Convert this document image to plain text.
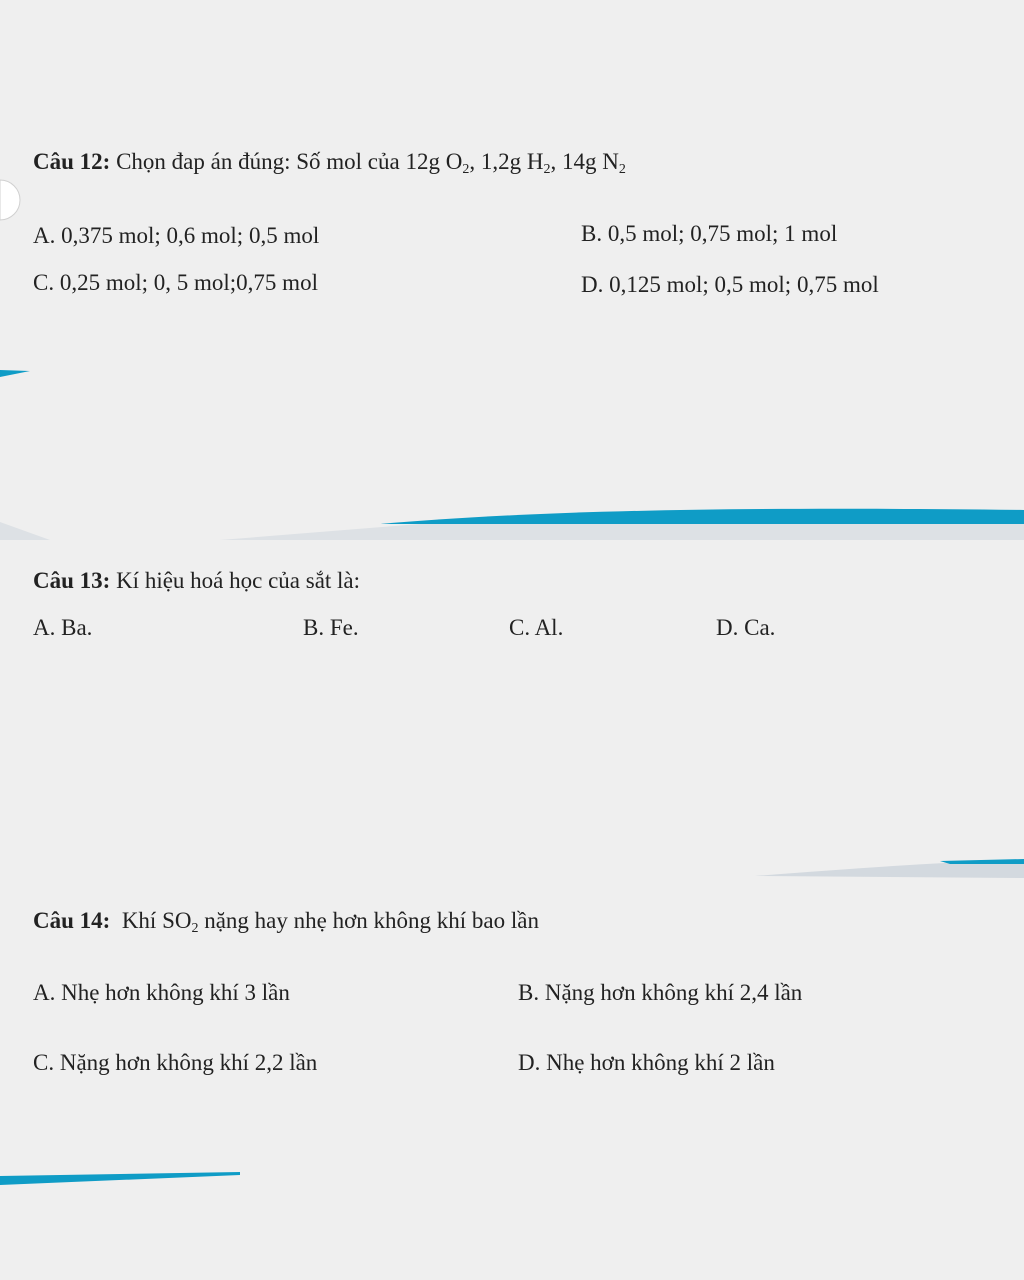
Câu 12: Chọn đap án đúng: Số mol của 12g $O_2$, 1,2g $H_2$, 14g $N_2$
A. 0,375 mol; 0,6 mol; 0,5 mol	B. 0,5 mol; 0,75 mol; 1 mol
C. 0,25 mol; 0, 5 mol;0,75 mol	D. 0,125 mol; 0,5 mol; 0,75 mol
Câu 13: Kí hiệu hoá học của sắt là:
A. Ba.	B. Fe.	C. Al.	D. Ca.
Câu 14: Khí $SO_2$ nặng hay nhẹ hơn không khí bao lần
A. Nhẹ hơn không khí 3 lần	B. Nặng hơn không khí 2,4 lần
C. Nặng hơn không khí 2,2 lần	D. Nhẹ hơn không khí 2 lần
